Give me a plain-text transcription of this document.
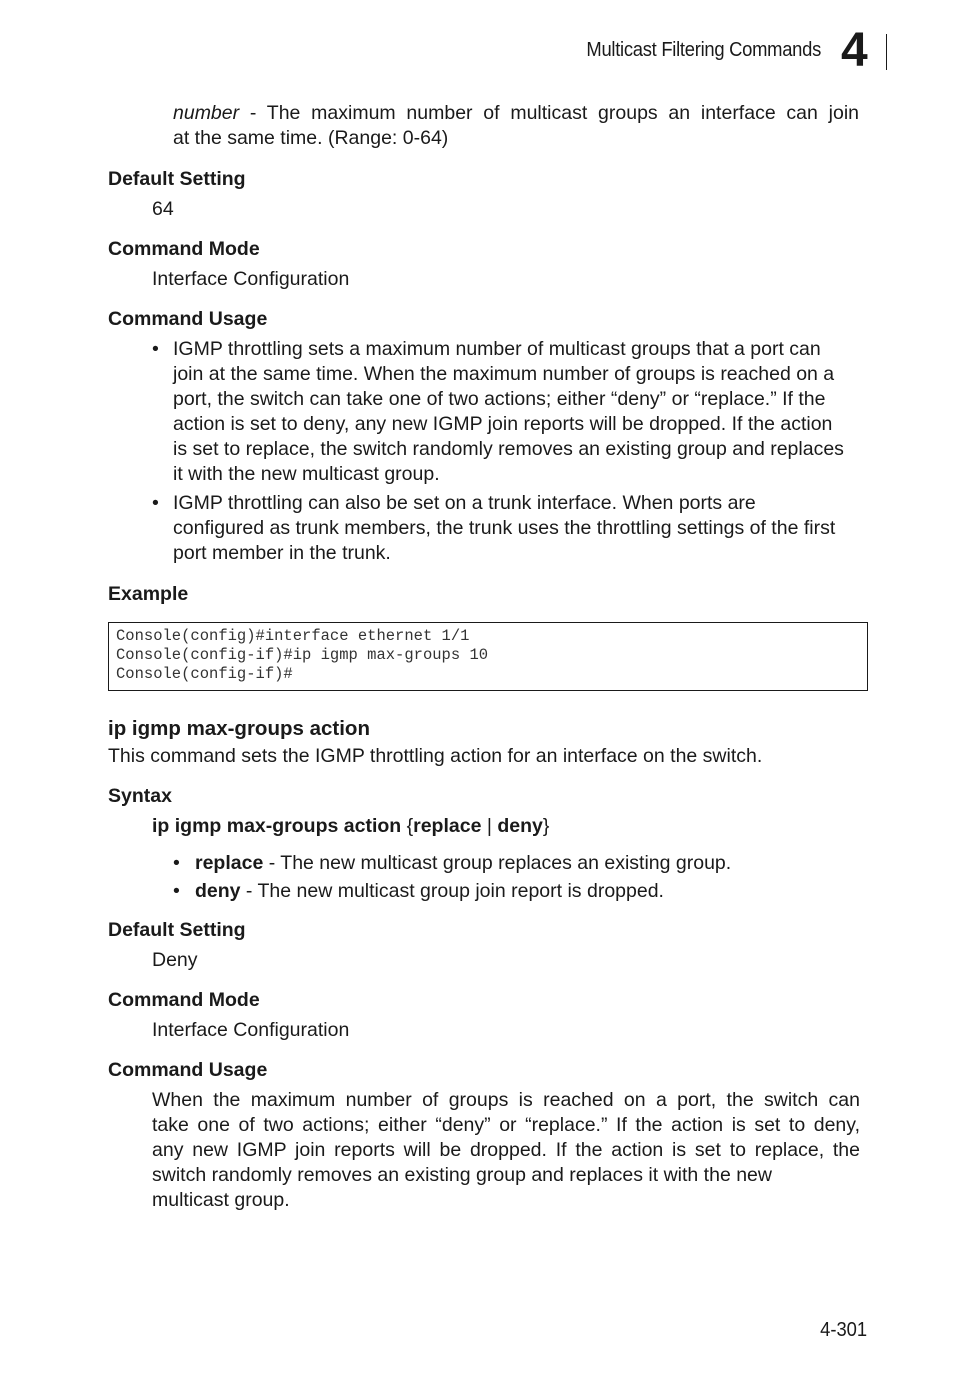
Multicast Filtering Commands 4
number - The maximum number of multicast groups an interface can join
at the same time. (Range: 0-64)
Default Setting
64
Command Mode
Interface Configuration
Command Usage
• IGMP throttling sets a maximum number of multicast groups that a port can
join at the same time. When the maximum number of groups is reached on a
port, the switch can take one of two actions; either “deny” or “replace.” If the
action is set to deny, any new IGMP join reports will be dropped. If the action
is set to replace, the switch randomly removes an existing group and replaces
it with the new multicast group.
• IGMP throttling can also be set on a trunk interface. When ports are
configured as trunk members, the trunk uses the throttling settings of the first
port member in the trunk.
Example
Console(config)#interface ethernet 1/1
Console(config-if)#ip igmp max-groups 10
Console(config-if)#
ip igmp max-groups action
This command sets the IGMP throttling action for an interface on the switch.
Syntax
ip igmp max-groups action {replace | deny}
• replace - The new multicast group replaces an existing group.
• deny - The new multicast group join report is dropped.
Default Setting
Deny
Command Mode
Interface Configuration
Command Usage
When the maximum number of groups is reached on a port, the switch can
take one of two actions; either “deny” or “replace.” If the action is set to deny,
any new IGMP join reports will be dropped. If the action is set to replace, the
switch randomly removes an existing group and replaces it with the new
multicast group.
4-301
